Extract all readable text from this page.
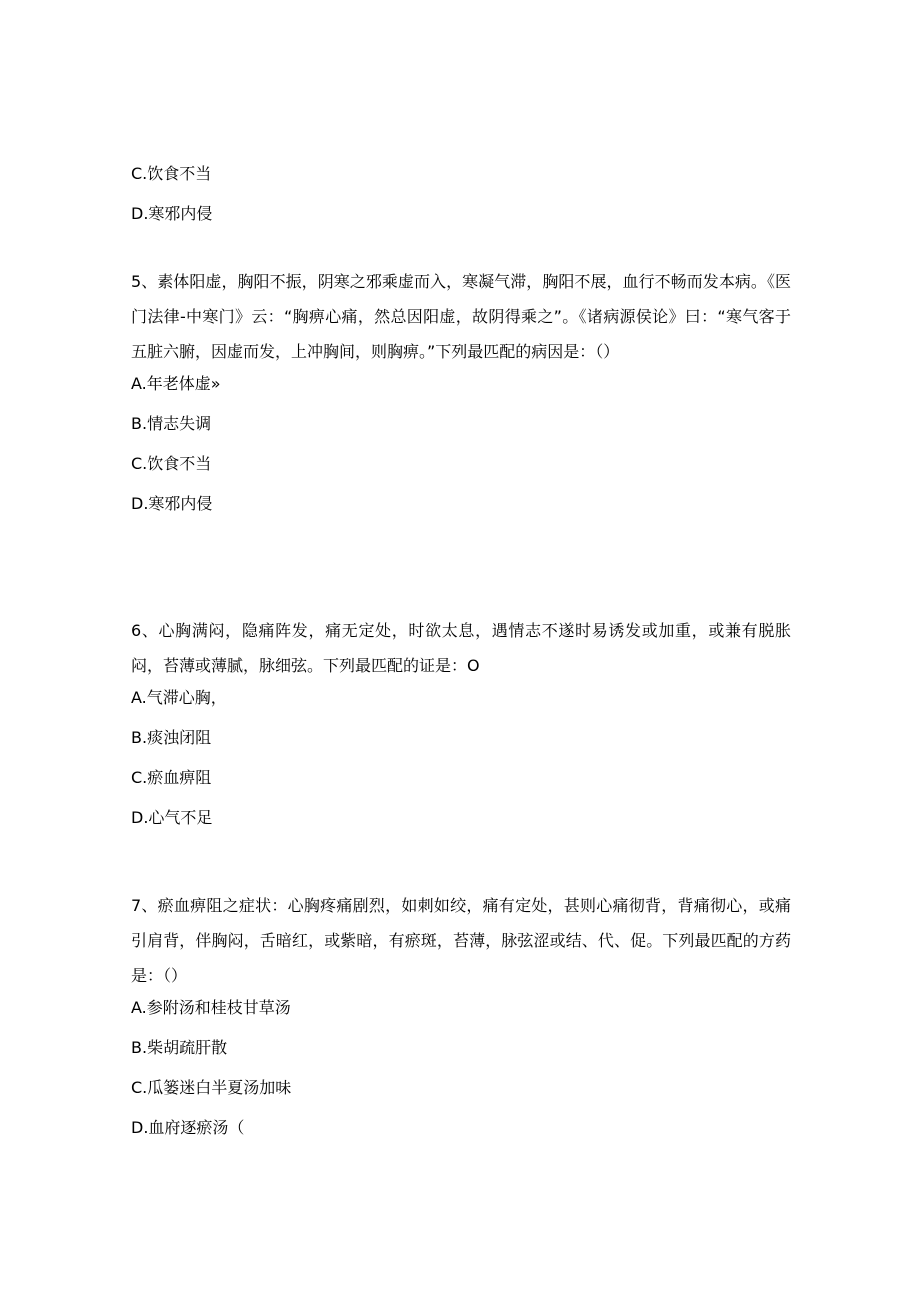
C.饮食不当
D.寒邪内侵
5、素体阳虚，胸阳不振，阴寒之邪乘虚而入，寒凝气滞，胸阳不展，血行不畅而发本病。《医门法律-中寒门》云：“胸痹心痛，然总因阳虚，故阴得乘之”。《诸病源侯论》曰：“寒气客于五脏六腑，因虚而发，上冲胸间，则胸痹。”下列最匹配的病因是：（）
A.年老体虚»
B.情志失调
C.饮食不当
D.寒邪内侵
6、心胸满闷，隐痛阵发，痛无定处，时欲太息，遇情志不遂时易诱发或加重，或兼有脱胀闷，苔薄或薄腻，脉细弦。下列最匹配的证是：O
A.气滞心胸，
B.痰浊闭阻
C.瘀血痹阻
D.心气不足
7、瘀血痹阻之症状：心胸疼痛剧烈，如刺如绞，痛有定处，甚则心痛彻背，背痛彻心，或痛引肩背，伴胸闷，舌暗红，或紫暗，有瘀斑，苔薄，脉弦涩或结、代、促。下列最匹配的方药是：（）
A.参附汤和桂枝甘草汤
B.柴胡疏肝散
C.瓜篓迷白半夏汤加味
D.血府逐瘀汤（
